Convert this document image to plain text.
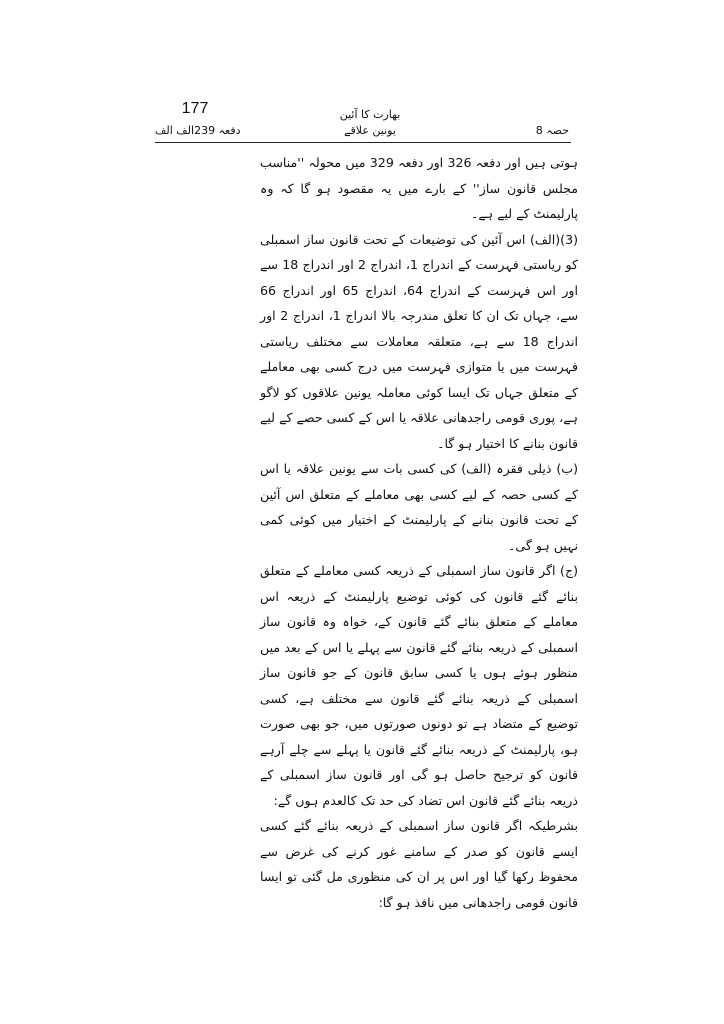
177	بھارت کا آئین
یونین علاقے	حصہ 8
دفعہ 239الف الف

ہوتی ہیں اور دفعہ 326 اور دفعہ 329 میں محولہ ''مناسب مجلس قانون ساز'' کے بارے میں یہ مقصود ہو گا کہ وہ پارلیمنٹ کے لیے ہے۔

(3)(الف) اس آئین کی توضیعات کے تحت قانون ساز اسمبلی کو ریاستی فہرست کے اندراج 1، اندراج 2 اور اندراج 18 سے اور اس فہرست کے اندراج 64، اندراج 65 اور اندراج 66 سے، جہاں تک ان کا تعلق مندرجہ بالا اندراج 1، اندراج 2 اور اندراج 18 سے ہے، متعلقہ معاملات سے مختلف ریاستی فہرست میں یا متوازی فہرست میں درج کسی بھی معاملے کے متعلق جہاں تک ایسا کوئی معاملہ یونین علاقوں کو لاگو ہے، پوری قومی راجدھانی علاقہ یا اس کے کسی حصے کے لیے قانون بنانے کا اختیار ہو گا۔

(ب) ذیلی فقرہ (الف) کی کسی بات سے یونین علاقہ یا اس کے کسی حصہ کے لیے کسی بھی معاملے کے متعلق اس آئین کے تحت قانون بنانے کے پارلیمنٹ کے اختیار میں کوئی کمی نہیں ہو گی۔

(ج) اگر قانون ساز اسمبلی کے ذریعہ کسی معاملے کے متعلق بنائے گئے قانون کی کوئی توضیع پارلیمنٹ کے ذریعہ اس معاملے کے متعلق بنائے گئے قانون کے، خواہ وہ قانون ساز اسمبلی کے ذریعہ بنائے گئے قانون سے پہلے یا اس کے بعد میں منظور ہوئے ہوں یا کسی سابق قانون کے جو قانون ساز اسمبلی کے ذریعہ بنائے گئے قانون سے مختلف ہے، کسی توضیع کے متضاد ہے تو دونوں صورتوں میں، جو بھی صورت ہو، پارلیمنٹ کے ذریعہ بنائے گئے قانون یا پہلے سے چلے آرہے قانون کو ترجیح حاصل ہو گی اور قانون ساز اسمبلی کے ذریعہ بنائے گئے قانون اس تضاد کی حد تک کالعدم ہوں گے:

بشرطیکہ اگر قانون ساز اسمبلی کے ذریعہ بنائے گئے کسی ایسے قانون کو صدر کے سامنے غور کرنے کی غرض سے محفوظ رکھا گیا اور اس پر ان کی منظوری مل گئی تو ایسا قانون قومی راجدھانی میں نافذ ہو گا:
